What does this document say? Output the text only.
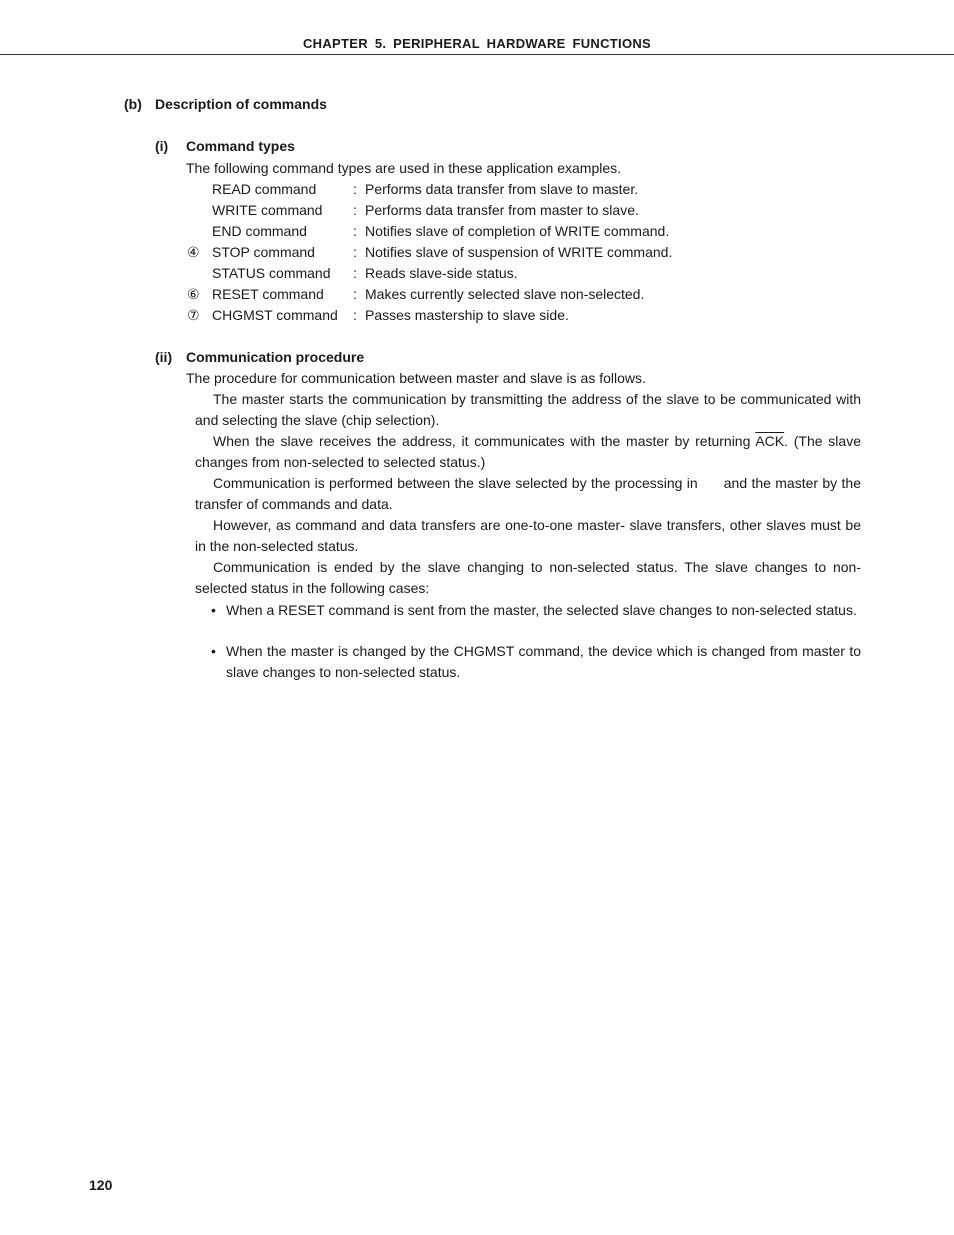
CHAPTER 5. PERIPHERAL HARDWARE FUNCTIONS
(b) Description of commands
(i) Command types
The following command types are used in these application examples.
READ command	: Performs data transfer from slave to master.
WRITE command : Performs data transfer from master to slave.
END command	: Notifies slave of completion of WRITE command.
④ STOP command	: Notifies slave of suspension of WRITE command.
STATUS command : Reads slave-side status.
⑥ RESET command : Makes currently selected slave non-selected.
⑦ CHGMST command : Passes mastership to slave side.
(ii) Communication procedure
The procedure for communication between master and slave is as follows.
The master starts the communication by transmitting the address of the slave to be communicated with and selecting the slave (chip selection).
When the slave receives the address, it communicates with the master by returning $\overline{ACK}$. (The slave changes from non-selected to selected status.)
Communication is performed between the slave selected by the processing in      and the master by the transfer of commands and data.
However, as command and data transfers are one-to-one master- slave transfers, other slaves must be in the non-selected status.
Communication is ended by the slave changing to non-selected status. The slave changes to non-selected status in the following cases:
• When a RESET command is sent from the master, the selected slave changes to non-selected status.
• When the master is changed by the CHGMST command, the device which is changed from master to slave changes to non-selected status.
120
